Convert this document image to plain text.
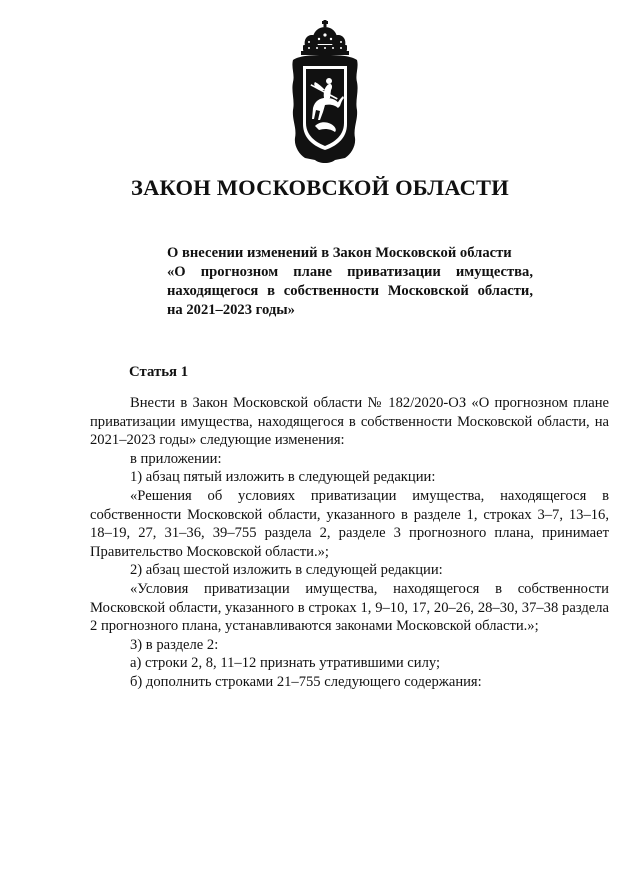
ЗАКОН МОСКОВСКОЙ ОБЛАСТИ
О внесении изменений в Закон Московской области
«О прогнозном плане приватизации имущества,
находящегося в собственности Московской области,
на 2021–2023 годы»
Статья 1
Внести в Закон Московской области № 182/2020-ОЗ «О прогнозном плане приватизации имущества, находящегося в собственности Московской области, на 2021–2023 годы» следующие изменения:
в приложении:
1) абзац пятый изложить в следующей редакции:
«Решения об условиях приватизации имущества, находящегося в собственности Московской области, указанного в разделе 1, строках 3–7, 13–16, 18–19, 27, 31–36, 39–755 раздела 2, разделе 3 прогнозного плана, принимает Правительство Московской области.»;
2) абзац шестой изложить в следующей редакции:
«Условия приватизации имущества, находящегося в собственности Московской области, указанного в строках 1, 9–10, 17, 20–26, 28–30, 37–38 раздела 2 прогнозного плана, устанавливаются законами Московской области.»;
3) в разделе 2:
а) строки 2, 8, 11–12 признать утратившими силу;
б) дополнить строками 21–755 следующего содержания:
